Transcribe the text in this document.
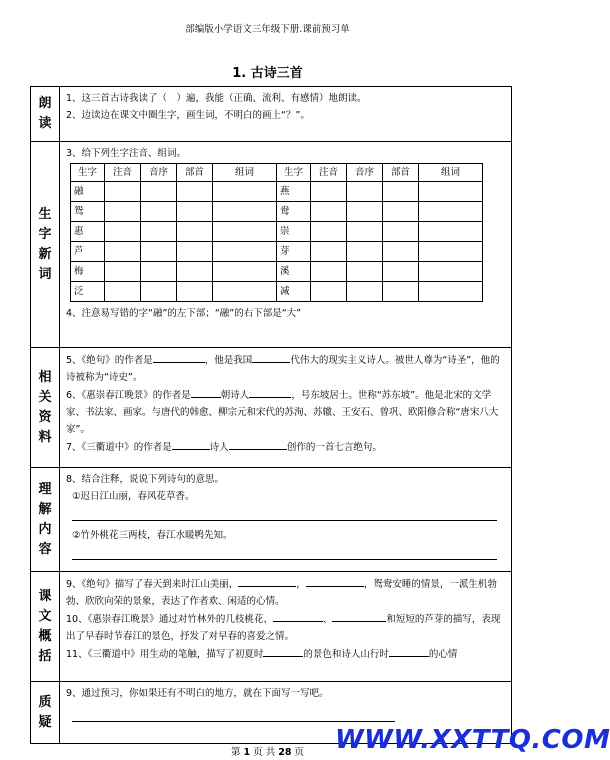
部编版小学语文三年级下册.课前预习单
1. 古诗三首
朗
读

1、这三首古诗我读了（　）遍，我能（正确、流利、有感情）地朗读。
2、边读边在课文中圈生字，画生词，不明白的画上“？”。

生
字
新
词

3、给下列生字注音、组词。
生字	注音	音序	部首	组词	生字	注音	音序	部首	组词
融					燕				
鸳					鸯				
惠					崇				
芦					芽				
梅					溪				
泛					减				
4、注意易写错的字“融”的左下部；“融”的右下部是“大”

相
关
资
料

5、《绝句》的作者是	，他是我国	代伟大的现实主义诗人。被世人尊为“诗圣”，他的诗被称为“诗史”。
6、《惠崇春江晚景》的作者是	朝诗人	，号东坡居士。世称“苏东坡”。他是北宋的文学家、书法家、画家。与唐代的韩愈、柳宗元和宋代的苏洵、苏辙、王安石、曾巩、欧阳修合称“唐宋八大家”。
7、《三衢道中》的作者是	诗人	创作的一首七言绝句。

理
解
内
容

8、结合注释，说说下列诗句的意思。
①迟日江山丽，春风花草香。
②竹外桃花三两枝，春江水暖鸭先知。

课
文
概
括

9、《绝句》描写了春天到来时江山美丽，	，	，鸳鸯安睡的情景，一派生机勃勃、欣欣向荣的景象，表达了作者欢、闲适的心情。
10、《惠崇春江晚景》通过对竹林外的几枝桃花、	、	和短短的芦芽的描写，表现出了早春时节春江的景色，抒发了对早春的喜爱之情。
11、《三衢道中》用生动的笔触，描写了初夏时	的景色和诗人山行时	的心情

质
疑

9、通过预习，你如果还有不明白的地方，就在下面写一写吧。
第 1 页 共 28 页	WWW.XXTTQ.COM
